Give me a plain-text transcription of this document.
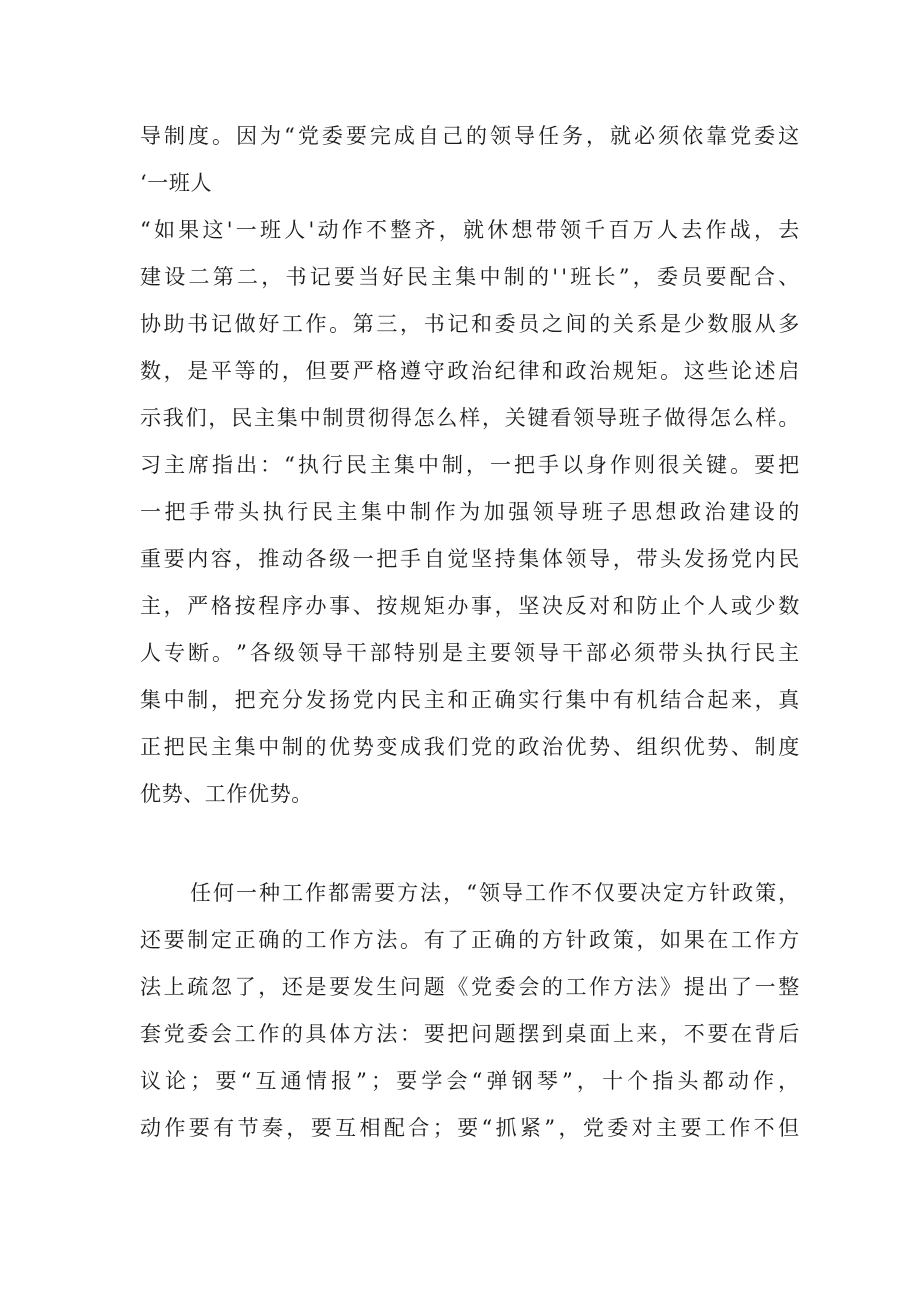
导 制 度 。 因 为 “ 党 委 要 完 成 自 己 的 领 导 任 务 ， 就 必 须 依 靠 党 委 这
‘一班人
“ 如 果 这 ' 一 班 人 ' 动 作 不 整 齐 ， 就 休 想 带 领 千 百 万 人 去 作 战 ， 去
建 设 二 第 二 ， 书 记 要 当 好 民 主 集 中 制 的 ' ' 班 长 ” ， 委 员 要 配 合 、
协 助 书 记 做 好 工 作 。 第 三 ， 书 记 和 委 员 之 间 的 关 系 是 少 数 服 从 多
数 ， 是 平 等 的 ， 但 要 严 格 遵 守 政 治 纪 律 和 政 治 规 矩 。 这 些 论 述 启
示 我 们 ， 民 主 集 中 制 贯 彻 得 怎 么 样 ， 关 键 看 领 导 班 子 做 得 怎 么 样 。
习 主 席 指 出 ： “ 执 行 民 主 集 中 制 ， 一 把 手 以 身 作 则 很 关 键 。 要 把
一 把 手 带 头 执 行 民 主 集 中 制 作 为 加 强 领 导 班 子 思 想 政 治 建 设 的
重 要 内 容 ， 推 动 各 级 一 把 手 自 觉 坚 持 集 体 领 导 ， 带 头 发 扬 党 内 民
主 ， 严 格 按 程 序 办 事 、 按 规 矩 办 事 ， 坚 决 反 对 和 防 止 个 人 或 少 数
人 专 断 。 ” 各 级 领 导 干 部 特 别 是 主 要 领 导 干 部 必 须 带 头 执 行 民 主
集 中 制 ， 把 充 分 发 扬 党 内 民 主 和 正 确 实 行 集 中 有 机 结 合 起 来 ， 真
正 把 民 主 集 中 制 的 优 势 变 成 我 们 党 的 政 治 优 势 、 组 织 优 势 、 制 度
优势、工作优势。
任 何 一 种 工 作 都 需 要 方 法 ， “ 领 导 工 作 不 仅 要 决 定 方 针 政 策 ，
还 要 制 定 正 确 的 工 作 方 法 。 有 了 正 确 的 方 针 政 策 ， 如 果 在 工 作 方
法 上 疏 忽 了 ， 还 是 要 发 生 问 题 《 党 委 会 的 工 作 方 法 》 提 出 了 一 整
套 党 委 会 工 作 的 具 体 方 法 ： 要 把 问 题 摆 到 桌 面 上 来 ， 不 要 在 背 后
议 论 ； 要 “ 互 通 情 报 ” ； 要 学 会 “ 弹 钢 琴 ” ， 十 个 指 头 都 动 作 ，
动 作 要 有 节 奏 ， 要 互 相 配 合 ； 要 “ 抓 紧 ” ， 党 委 对 主 要 工 作 不 但
